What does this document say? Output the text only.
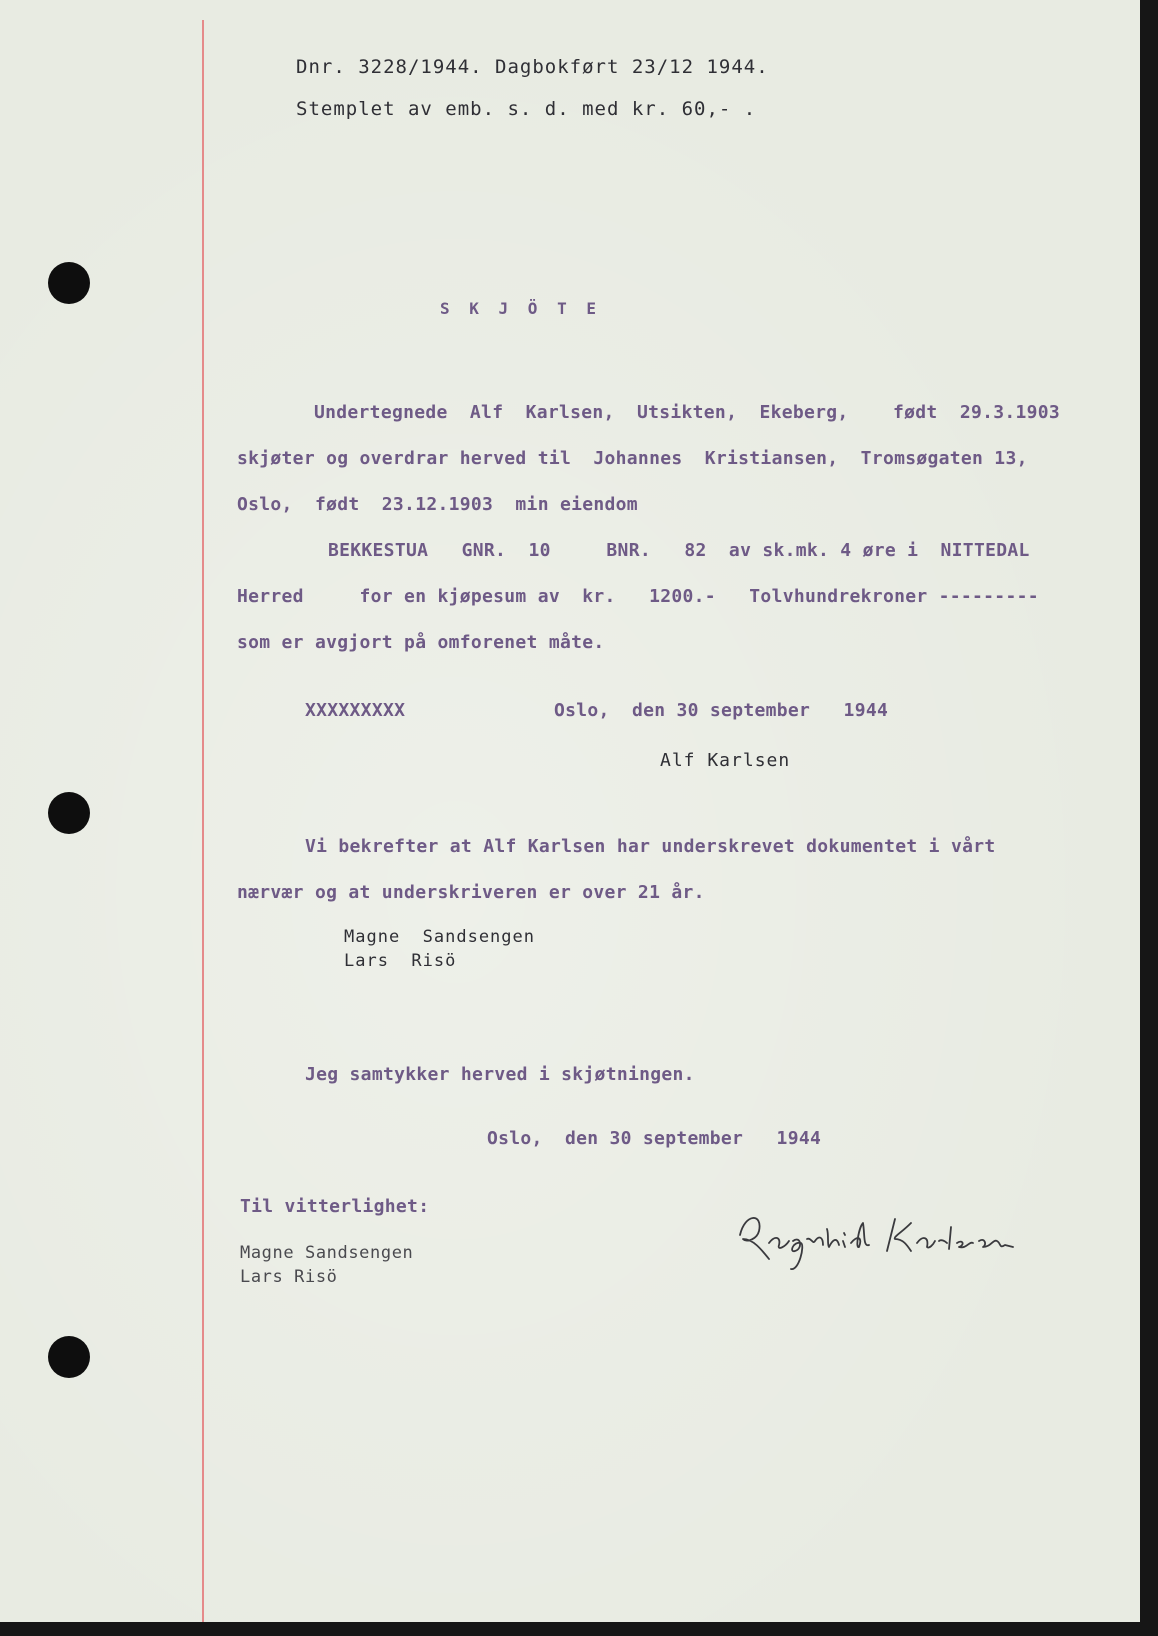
Dnr. 3228/1944. Dagbokført 23/12 1944.
Stemplet av emb. s. d. med kr. 60,- .
S K J Ö T E
Undertegnede  Alf  Karlsen,  Utsikten,  Ekeberg, født  29.3.1903
skjøter og overdrar herved til  Johannes  Kristiansen,  Tromsøgaten 13,
Oslo,  født  23.12.1903  min eiendom
BEKKESTUA   GNR.  10     BNR.   82  av sk.mk. 4 øre i  NITTEDAL
Herred     for en kjøpesum av  kr.   1200.-   Tolvhundrekroner ---------
som er avgjort på omforenet måte.
XXXXXXXXX	Oslo,  den 30 september   1944
Alf Karlsen
Vi bekrefter at Alf Karlsen har underskrevet dokumentet i vårt
nærvær og at underskriveren er over 21 år.
Magne  Sandsengen
Lars  Risö
Jeg samtykker herved i skjøtningen.
Oslo,  den 30 september   1944
Til vitterlighet:
Magne Sandsengen
Lars Risö
